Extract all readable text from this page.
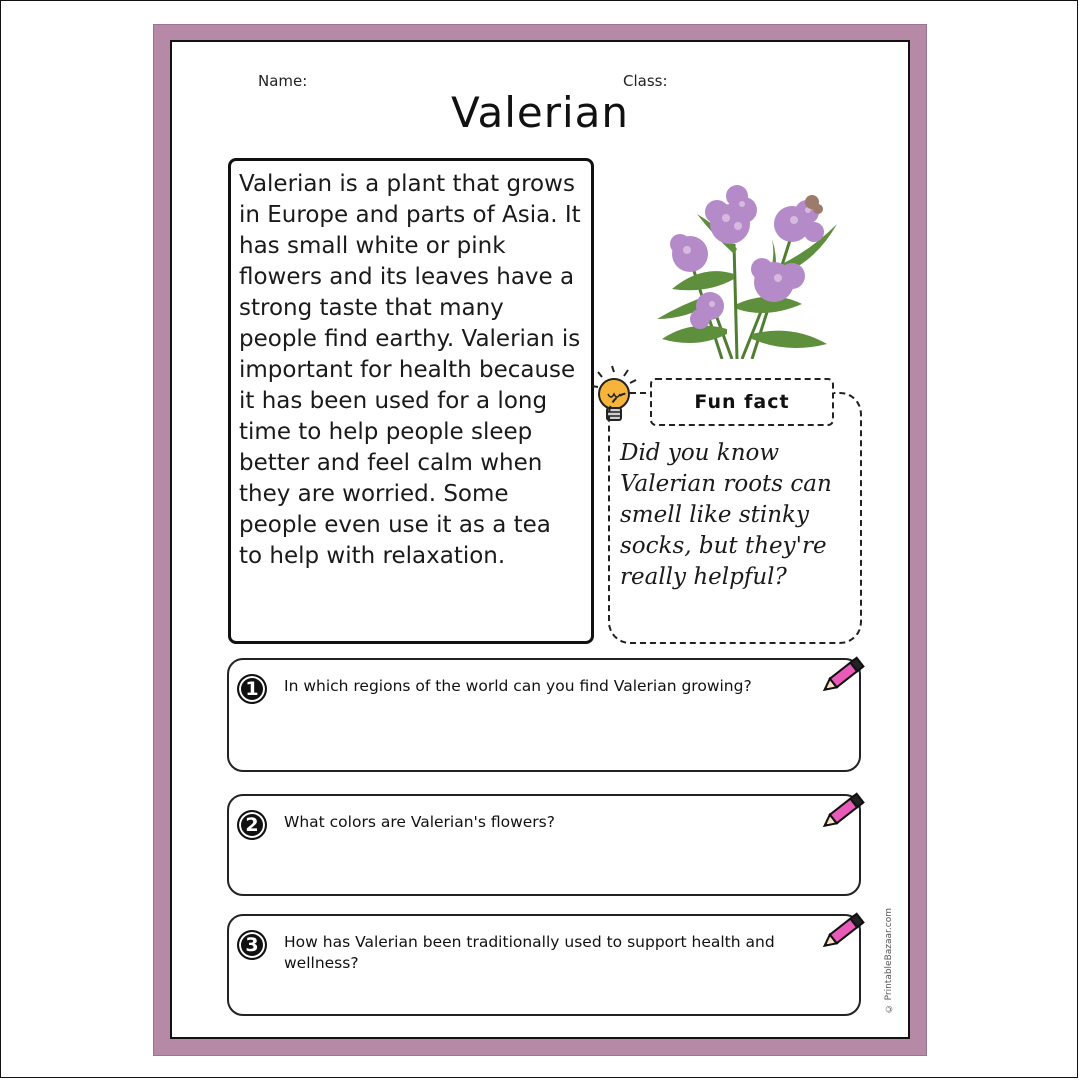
Name:	Class:
Valerian

Valerian is a plant that grows in Europe and parts of Asia. It has small white or pink flowers and its leaves have a strong taste that many people find earthy. Valerian is important for health because it has been used for a long time to help people sleep better and feel calm when they are worried. Some people even use it as a tea to help with relaxation.

Fun fact

Did you know Valerian roots can smell like stinky socks, but they're really helpful?

1	In which regions of the world can you find Valerian growing?

2	What colors are Valerian's flowers?

3	How has Valerian been traditionally used to support health and wellness?	© PrintableBazaar.com
